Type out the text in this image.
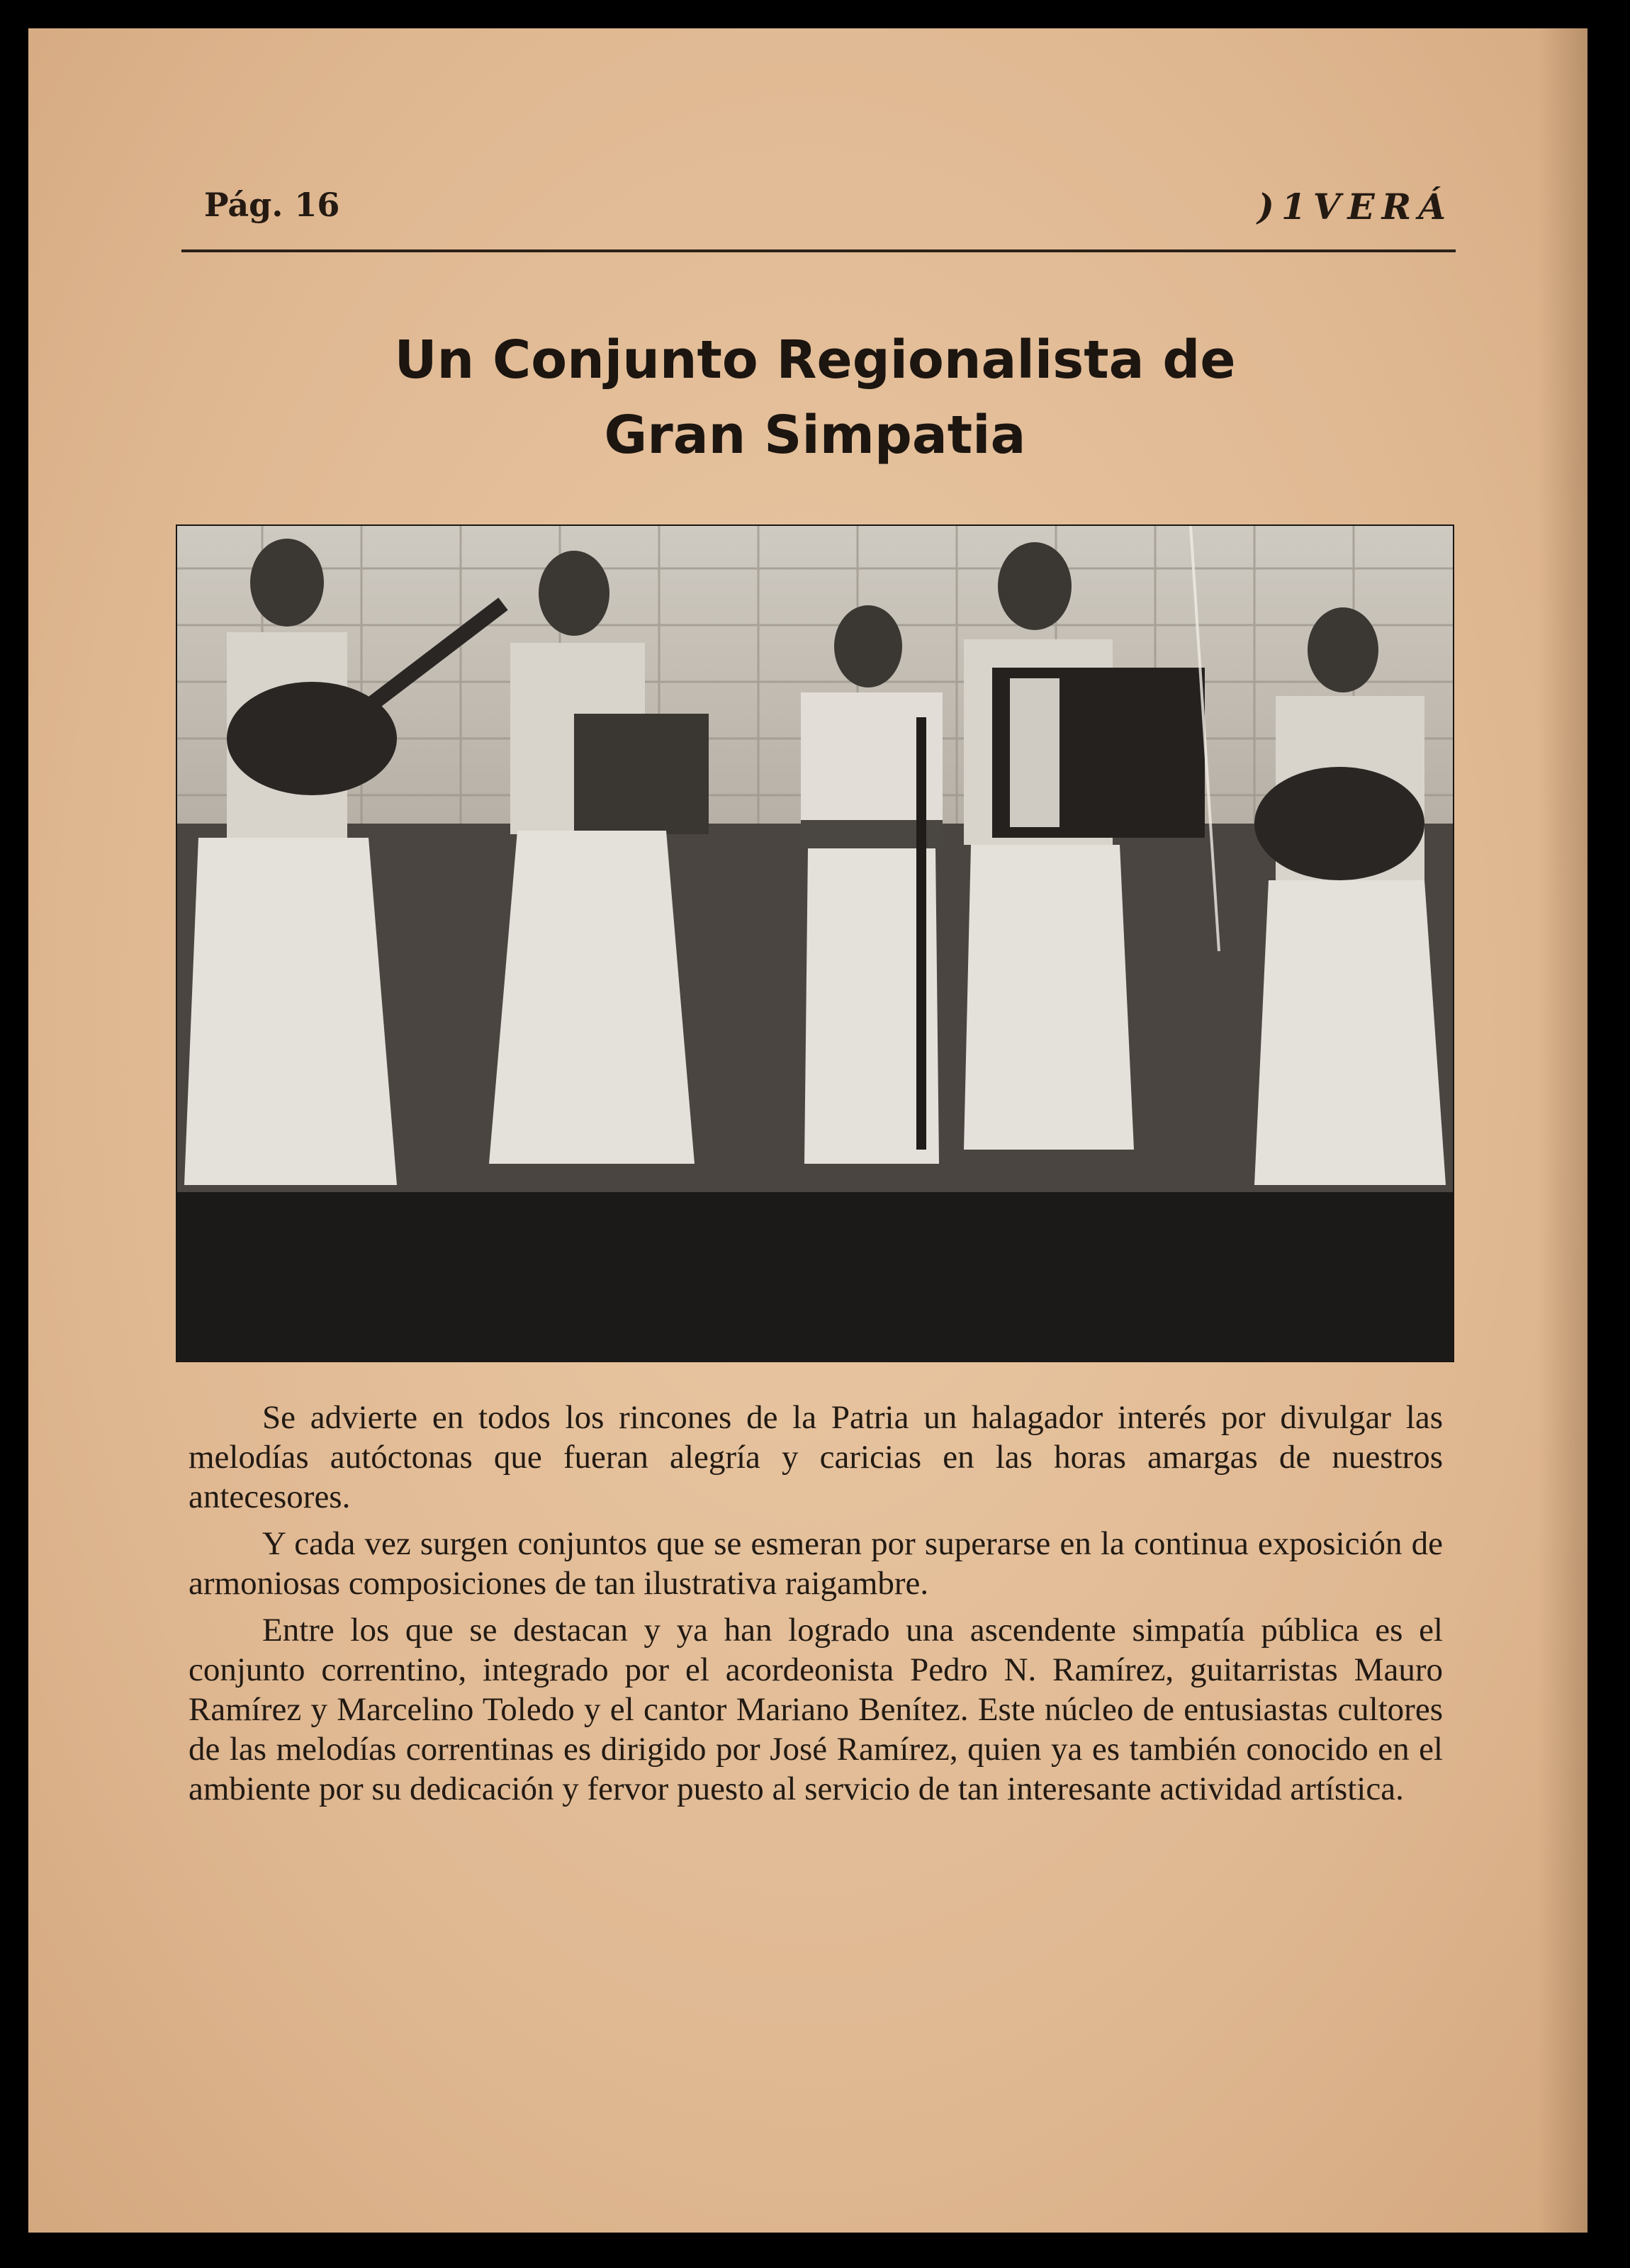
Pág. 16	)1VERÁ
Un Conjunto Regionalista de
Gran Simpatia

Se advierte en todos los rincones de la Patria un halagador interés por divulgar las melodías autóctonas que fueran alegría y caricias en las horas amargas de nuestros antecesores.

Y cada vez surgen conjuntos que se esmeran por superarse en la continua exposición de armoniosas composiciones de tan ilustrativa raigambre.

Entre los que se destacan y ya han logrado una ascendente simpatía pública es el conjunto correntino, integrado por el acordeonista Pedro N. Ramírez, guitarristas Mauro Ramírez y Marcelino Toledo y el cantor Mariano Benítez. Este núcleo de entusiastas cultores de las melodías correntinas es dirigido por José Ramírez, quien ya es también conocido en el ambiente por su dedicación y fervor puesto al servicio de tan interesante actividad artística.
